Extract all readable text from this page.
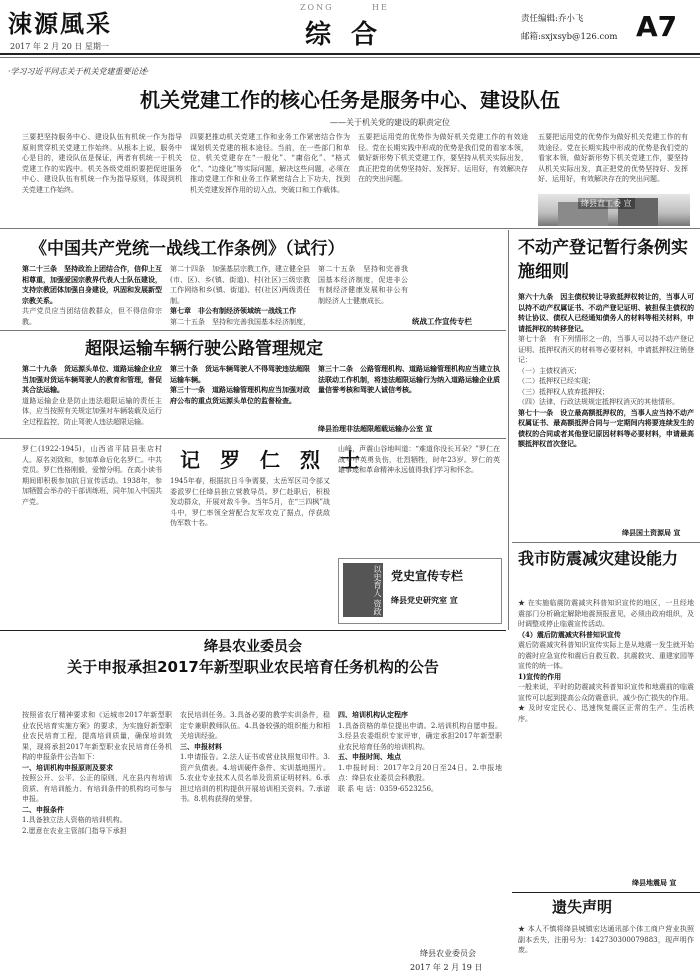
涑源風采
2017 年 2 月 20 日 星期一
ZONG	HE
综合
责任编辑:乔小飞
邮箱:sxjxsyb@126.com A7
·学习习近平同志关于机关党建重要论述·
机关党建工作的核心任务是服务中心、建设队伍
——关于机关党的建设的职责定位
三要把坚持服务中心、建设队伍有机统一作为指导原则贯穿机关党建工作始终。从根本上说，服务中心是目的，建设队伍是保证，两者有机统一于机关党建工作的实践中。机关各级党组织要把促进服务中心、建设队伍有机统一作为指导原则，体现到机关党建工作始终。
四要把推动机关党建工作和业务工作紧密结合作为谋划机关党建的根本途径。当前，在一些部门和单位，机关党建存在“一般化”、“庸俗化”、“格式化”、“边缘化”等实际问题，解决这些问题，必须在推动党建工作和业务工作紧密结合上下功夫，找到机关党建发挥作用的切入点、突破口和工作载体。
五要把运用党的优势作为做好机关党建工作的有效途径。党在长期实践中形成的优势是我们党的看家本领，做好新形势下机关党建工作，要坚持从机关实际出发，真正把党的优势坚持好、发挥好、运用好，有效解决存在的突出问题。
五要把运用党的优势作为做好机关党建工作的有效途径。党在长期实践中形成的优势是我们党的看家本领，做好新形势下机关党建工作，要坚持从机关实际出发，真正把党的优势坚持好、发挥好、运用好，有效解决存在的突出问题。
绛县直工委 宣
《中国共产党统一战线工作条例》（试行）
第二十三条　坚持政治上团结合作，信仰上互相尊重，加强爱国宗教界代表人士队伍建设，支持宗教团体加强自身建设，巩固和发展新型宗教关系。
共产党员应当团结信教群众，但不得信仰宗教。
第二十四条　加强基层宗教工作，建立健全县(市、区)、乡(镇、街道)、村(社区)三级宗教工作网络和乡(镇、街道)、村(社区)两级责任制。
第七章　非公有制经济领域统一战线工作
第二十五条　坚持和完善我国基本经济制度，
第二十五条　坚持和完善我国基本经济制度，促进非公有制经济健康发展和非公有制经济人士健康成长。
统战工作宣传专栏
不动产登记暂行条例实施细则
第六十九条　因主债权转让导致抵押权转让的，当事人可以持不动产权属证书、不动产登记证明、被担保主债权的转让协议、债权人已经通知债务人的材料等相关材料，申请抵押权的转移登记。
第七十条　有下列情形之一的，当事人可以持不动产登记证明、抵押权消灭的材料等必要材料，申请抵押权注销登记：
（一）主债权消灭；
（二）抵押权已经实现；
（三）抵押权人放弃抵押权；
（四）法律、行政法规规定抵押权消灭的其他情形。
第七十一条　设立最高额抵押权的，当事人应当持不动产权属证书、最高额抵押合同与一定期间内将要连续发生的债权的合同或者其他登记原因材料等必要材料，申请最高额抵押权首次登记。
绛县国土资源局 宣
超限运输车辆行驶公路管理规定
第二十九条　货运源头单位、道路运输企业应当加强对货运车辆驾驶人的教育和管理，督促其合法运输。
道路运输企业是防止违法超限运输的责任主体，应当按照有关规定加强对车辆装载及运行全过程监控，防止驾驶人违法超限运输。
第三十条　货运车辆驾驶人不得驾驶违法超限运输车辆。
第三十一条　道路运输管理机构应当加强对政府公布的重点货运源头单位的监督检查。
第三十二条　公路管理机构、道路运输管理机构应当建立执法联动工作机制，将违法超限运输行为纳入道路运输企业质量信誉考核和驾驶人诚信考核。
绛县治理非法超限超载运输办公室 宣
罗仁(1922-1945)，山西省平陆县张店村人。原名刘致和，参加革命后化名罗仁。中共党员。罗仁性格刚毅，爱憎分明。在高小读书期间即积极参加抗日宣传活动。1938年，参加牺盟会举办的干部训练班，同年加入中国共产党。
记　罗　仁　烈　士
1945年春，根据抗日斗争需要，太岳军区司令部又委派罗仁任绛县独立营教导员。罗仁赴职后，积极发动群众，开展对敌斗争。当年5月，在“三四枫”战斗中，罗仁率领全营配合友军攻克了据点，俘获敌伪军数十名。
山峰，声震山谷地叫道：“难道你没长耳朵？”罗仁在战斗中英勇负伤，壮烈牺牲，时年23岁。罗仁的英雄事迹和革命精神永远值得我们学习和怀念。
以史育人 资政 党史宣传专栏
绛县党史研究室 宣
我市防震减灾建设能力
★ 在实施临震防震减灾科普知识宣传的地区，一旦经地震部门分析确定解除地震预报意见，必须由政府组织，及时调整或停止临震宣传活动。
（4）震后防震减灾科普知识宣传
震后防震减灾科普知识宣传实际上是从地震一发生就开始的震时应急宣传和震后自救互救、抗震救灾、重建家园等宣传的统一体。
1)宣传的作用
一般来说，平时的防震减灾科普知识宣传和地震前的临震宣传可以起到提高公众防震意识、减少伤亡损失的作用。
★ 及时安定民心、迅速恢复震区正常的生产、生活秩序。
绛县地震局 宣
绛县农业委员会
关于申报承担2017年新型职业农民培育任务机构的公告
按照省农厅精神要求和《运城市2017年新型职业农民培育实施方案》的要求，为实施好新型职业农民培育工程，提高培训质量，确保培训效果，现将承担2017年新型职业农民培育任务机构的申报条件公告如下：
一、培训机构申报原则及要求
按照公开、公平、公正的原则，凡在县内有培训资质、有培训能力、有培训条件的机构均可参与申报。
二、申报条件
1.具备独立法人资格的培训机构。
2.愿意在农业主管部门指导下承担
农民培训任务。3.具备必要的教学实训条件，稳定专兼职教师队伍。4.具备较强的组织能力和相关培训经验。
三、申报材料
1.申请报告。2.法人证书或营业执照复印件。3.资产负债表。4.培训硬件条件、实训基地照片。5.农业专业技术人员名单及资质证明材料。6.承担过培训的机构提供开展培训相关资料。7.承诺书。8.机构获得的荣誉。
四、培训机构认定程序
1.具备资格的单位提出申请。2.培训机构自愿申报。3.经县农委组织专家评审，确定承担2017年新型职业农民培育任务的培训机构。
五、申报时间、地点
1.申报时间：2017年2月20日至24日。2.申报地点：绛县农业委员会科教股。
联 系 电 话：0359-6523256。
绛县农业委员会
2017 年 2 月 19 日
遗失声明
★ 本人不慎将绛县城镇宏达通讯部个体工商户营业执照副本丢失，注册号为：142730300079883，现声明作废。
